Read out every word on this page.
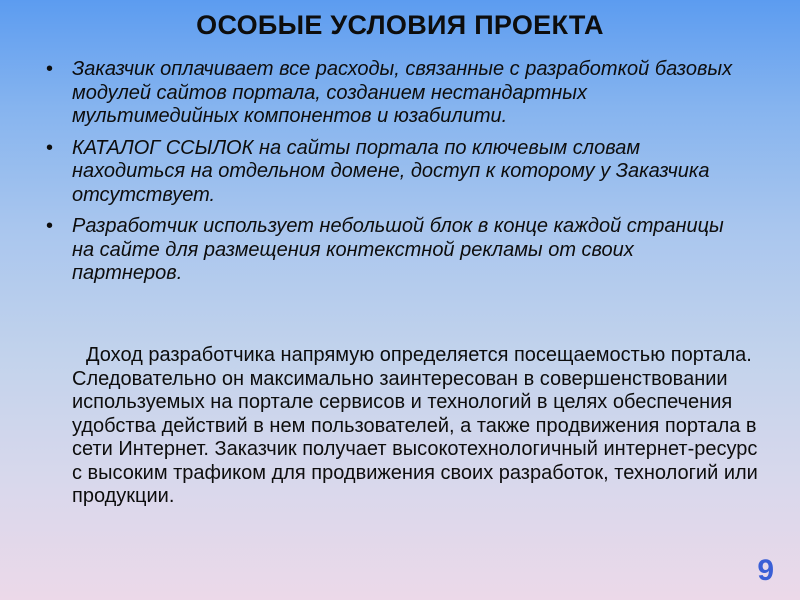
ОСОБЫЕ УСЛОВИЯ ПРОЕКТА
• Заказчик оплачивает все расходы, связанные с разработкой базовых модулей сайтов портала, созданием нестандартных мультимедийных компонентов и юзабилити.
• КАТАЛОГ ССЫЛОК на сайты портала по ключевым словам находиться на отдельном домене, доступ к которому у Заказчика отсутствует.
• Разработчик использует небольшой блок в конце каждой страницы на сайте для размещения контекстной рекламы от своих партнеров.
Доход разработчика напрямую определяется посещаемостью портала. Следовательно он максимально заинтересован в совершенствовании используемых на портале сервисов и технологий в целях обеспечения удобства действий в нем пользователей, а также продвижения портала в сети Интернет. Заказчик получает высокотехнологичный интернет-ресурс с высоким трафиком для продвижения своих разработок, технологий или продукции.
9
